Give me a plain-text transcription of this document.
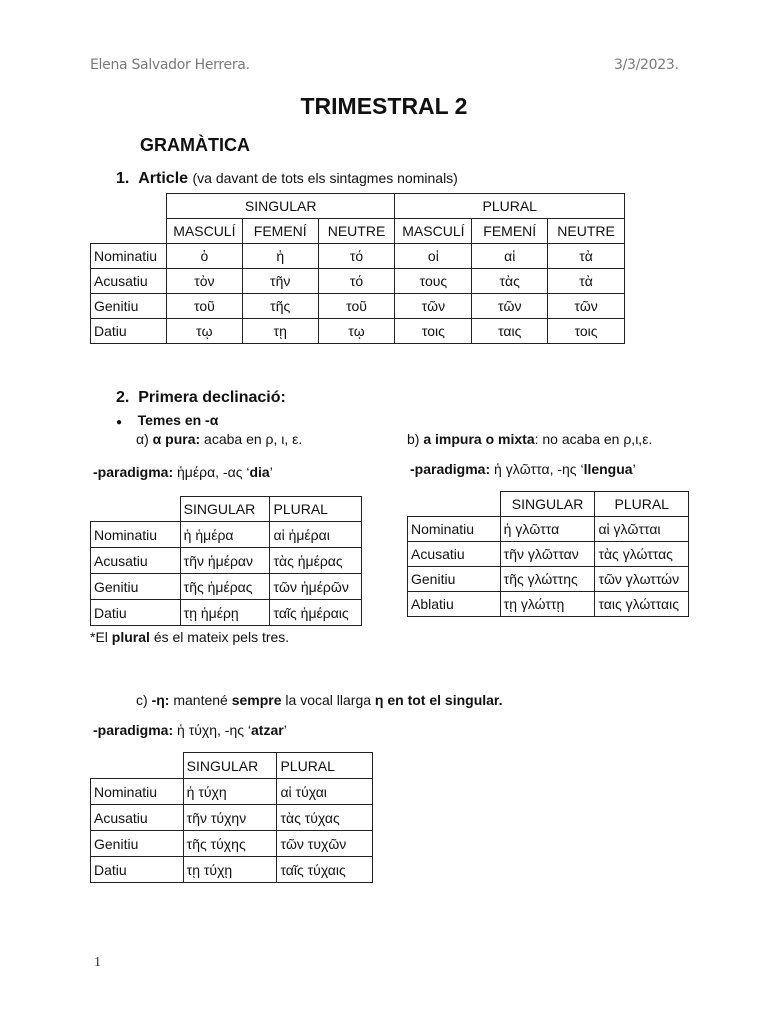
Elena Salvador Herrera.	3/3/2023.
TRIMESTRAL 2
GRAMÀTICA
1. Article (va davant de tots els sintagmes nominals)
	SINGULAR			PLURAL		
	MASCULÍ	FEMENÍ	NEUTRE	MASCULÍ	FEMENÍ	NEUTRE
Nominatiu	ὁ	ἡ	τό	οἱ	αἱ	τὰ
Acusatiu	τὸν	τῆν	τό	τους	τὰς	τὰ
Genitiu	τοῦ	τῆς	τοῦ	τῶν	τῶν	τῶν
Datiu	τῳ	τῃ	τῳ	τοις	ταις	τοις
2. Primera declinació:
● Temes en -α
α) α pura: acaba en ρ, ι, ε.	b) a impura o mixta: no acaba en ρ,ι,ε.
-paradigma: ἡμέρα, -ας ‘dia’	-paradigma: ἡ γλῶττα, -ης ‘llengua’
	SINGULAR	PLURAL
Nominatiu	ἡ ἡμέρα	αἱ ἡμέραι
Acusatiu	τῆν ἡμέραν	τὰς ἡμέρας
Genitiu	τῆς ἡμέρας	τῶν ἡμέρῶν
Datiu	τῃ ἡμέρῃ	ταῖς ἡμέραις
	SINGULAR	PLURAL
Nominatiu	ἡ γλῶττα	αἱ γλῶτται
Acusatiu	τῆν γλῶτταν	τὰς γλώττας
Genitiu	τῆς γλώττης	τῶν γλωττών
Ablatiu	τῃ γλώττῃ	ταις γλώτταις
*El plural és el mateix pels tres.
c) -η: mantené sempre la vocal llarga η en tot el singular.
-paradigma: ἡ τύχη, -ης ‘atzar’
	SINGULAR	PLURAL
Nominatiu	ἡ τύχη	αἱ τύχαι
Acusatiu	τῆν τύχην	τὰς τύχας
Genitiu	τῆς τύχης	τῶν τυχῶν
Datiu	τῃ τύχῃ	ταῖς τύχαις
1
